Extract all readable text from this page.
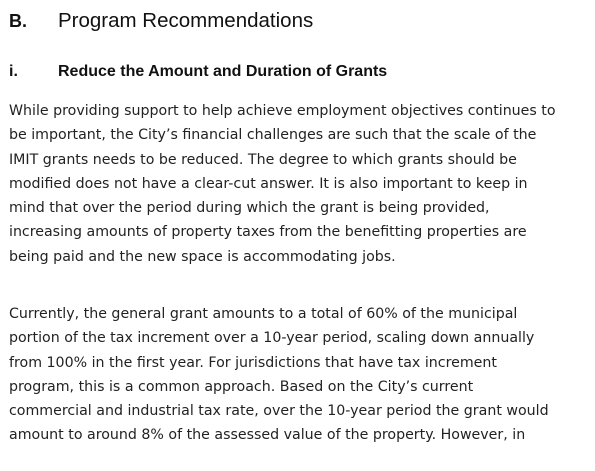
B. Program Recommendations
i.	Reduce the Amount and Duration of Grants

While providing support to help achieve employment objectives continues to
be important, the City’s financial challenges are such that the scale of the
IMIT grants needs to be reduced. The degree to which grants should be
modified does not have a clear-cut answer. It is also important to keep in
mind that over the period during which the grant is being provided,
increasing amounts of property taxes from the benefitting properties are
being paid and the new space is accommodating jobs.

Currently, the general grant amounts to a total of 60% of the municipal
portion of the tax increment over a 10-year period, scaling down annually
from 100% in the first year. For jurisdictions that have tax increment
program, this is a common approach. Based on the City’s current
commercial and industrial tax rate, over the 10-year period the grant would
amount to around 8% of the assessed value of the property. However, in
